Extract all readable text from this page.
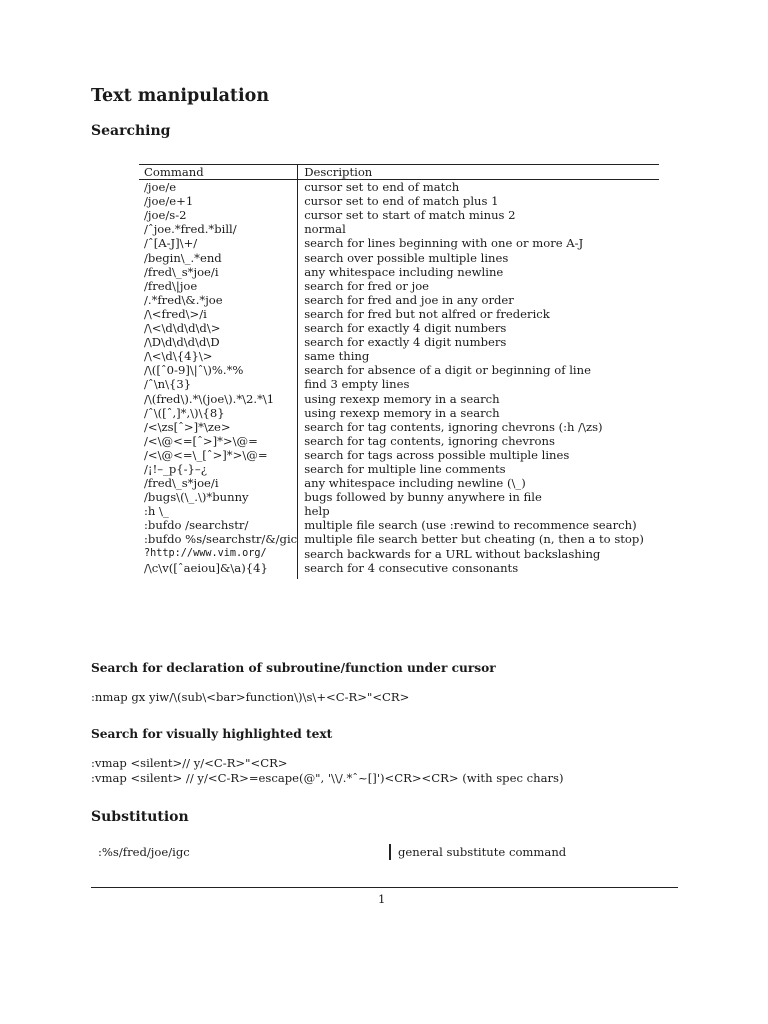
Text manipulation
Searching
Command	Description
/joe/e	cursor set to end of match
/joe/e+1	cursor set to end of match plus 1
/joe/s-2	cursor set to start of match minus 2
/ˆjoe.*fred.*bill/	normal
/ˆ[A-J]\+/	search for lines beginning with one or more A-J
/begin\_.*end	search over possible multiple lines
/fred\_s*joe/i	any whitespace including newline
/fred\|joe	search for fred or joe
/.*fred\&.*joe	search for fred and joe in any order
/\<fred\>/i	search for fred but not alfred or frederick
/\<\d\d\d\d\>	search for exactly 4 digit numbers
/\D\d\d\d\d\D	search for exactly 4 digit numbers
/\<\d\{4}\>	same thing
/\([ˆ0-9]\|ˆ\)%.*%	search for absence of a digit or beginning of line
/ˆ\n\{3}	find 3 empty lines
/\(fred\).*\(joe\).*\2.*\1	using rexexp memory in a search
/ˆ\([ˆ,]*,\)\{8}	using rexexp memory in a search
/<\zs[ˆ>]*\ze>	search for tag contents, ignoring chevrons (:h /\zs)
/<\@<=[ˆ>]*>\@=	search for tag contents, ignoring chevrons
/<\@<=\_[ˆ>]*>\@=	search for tags across possible multiple lines
/¡!–_p{-}–¿	search for multiple line comments
/fred\_s*joe/i	any whitespace including newline (\_)
/bugs\(\_.\)*bunny	bugs followed by bunny anywhere in file
:h \_	help
:bufdo /searchstr/	multiple file search (use :rewind to recommence search)
:bufdo %s/searchstr/&/gic	multiple file search better but cheating (n, then a to stop)
?http://www.vim.org/	search backwards for a URL without backslashing
/\c\v([ˆaeiou]&\a){4}	search for 4 consecutive consonants
Search for declaration of subroutine/function under cursor
:nmap gx yiw/\(sub\<bar>function\)\s\+<C-R>"<CR>
Search for visually highlighted text
:vmap <silent>// y/<C-R>"<CR>
:vmap <silent> // y/<C-R>=escape(@", '\\/.*ˆ~[]')<CR><CR> (with spec chars)
Substitution
:%s/fred/joe/igc	general substitute command
1
